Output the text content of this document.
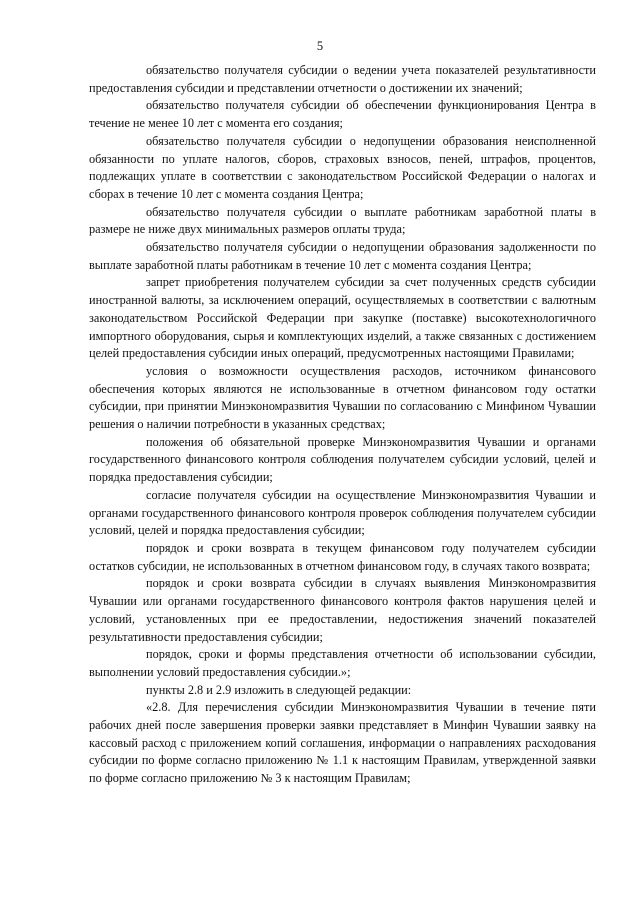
5

обязательство получателя субсидии о ведении учета показателей результативности предоставления субсидии и представлении отчетности о достижении их значений;

обязательство получателя субсидии об обеспечении функционирования Центра в течение не менее 10 лет с момента его создания;

обязательство получателя субсидии о недопущении образования неисполненной обязанности по уплате налогов, сборов, страховых взносов, пеней, штрафов, процентов, подлежащих уплате в соответствии с законодательством Российской Федерации о налогах и сборах в течение 10 лет с момента создания Центра;

обязательство получателя субсидии о выплате работникам заработной платы в размере не ниже двух минимальных размеров оплаты труда;

обязательство получателя субсидии о недопущении образования задолженности по выплате заработной платы работникам в течение 10 лет с момента создания Центра;

запрет приобретения получателем субсидии за счет полученных средств субсидии иностранной валюты, за исключением операций, осуществляемых в соответствии с валютным законодательством Российской Федерации при закупке (поставке) высокотехнологичного импортного оборудования, сырья и комплектующих изделий, а также связанных с достижением целей предоставления субсидии иных операций, предусмотренных настоящими Правилами;

условия о возможности осуществления расходов, источником финансового обеспечения которых являются не использованные в отчетном финансовом году остатки субсидии, при принятии Минэкономразвития Чувашии по согласованию с Минфином Чувашии решения о наличии потребности в указанных средствах;

положения об обязательной проверке Минэкономразвития Чувашии и органами государственного финансового контроля соблюдения получателем субсидии условий, целей и порядка предоставления субсидии;

согласие получателя субсидии на осуществление Минэкономразвития Чувашии и органами государственного финансового контроля проверок соблюдения получателем субсидии условий, целей и порядка предоставления субсидии;

порядок и сроки возврата в текущем финансовом году получателем субсидии остатков субсидии, не использованных в отчетном финансовом году, в случаях такого возврата;

порядок и сроки возврата субсидии в случаях выявления Минэкономразвития Чувашии или органами государственного финансового контроля фактов нарушения целей и условий, установленных при ее предоставлении, недостижения значений показателей результативности предоставления субсидии;

порядок, сроки и формы представления отчетности об использовании субсидии, выполнении условий предоставления субсидии.»;

пункты 2.8 и 2.9 изложить в следующей редакции:

«2.8. Для перечисления субсидии Минэкономразвития Чувашии в течение пяти рабочих дней после завершения проверки заявки представляет в Минфин Чувашии заявку на кассовый расход с приложением копий соглашения, информации о направлениях расходования субсидии по форме согласно приложению № 1.1 к настоящим Правилам, утвержденной заявки по форме согласно приложению № 3 к настоящим Правилам;
